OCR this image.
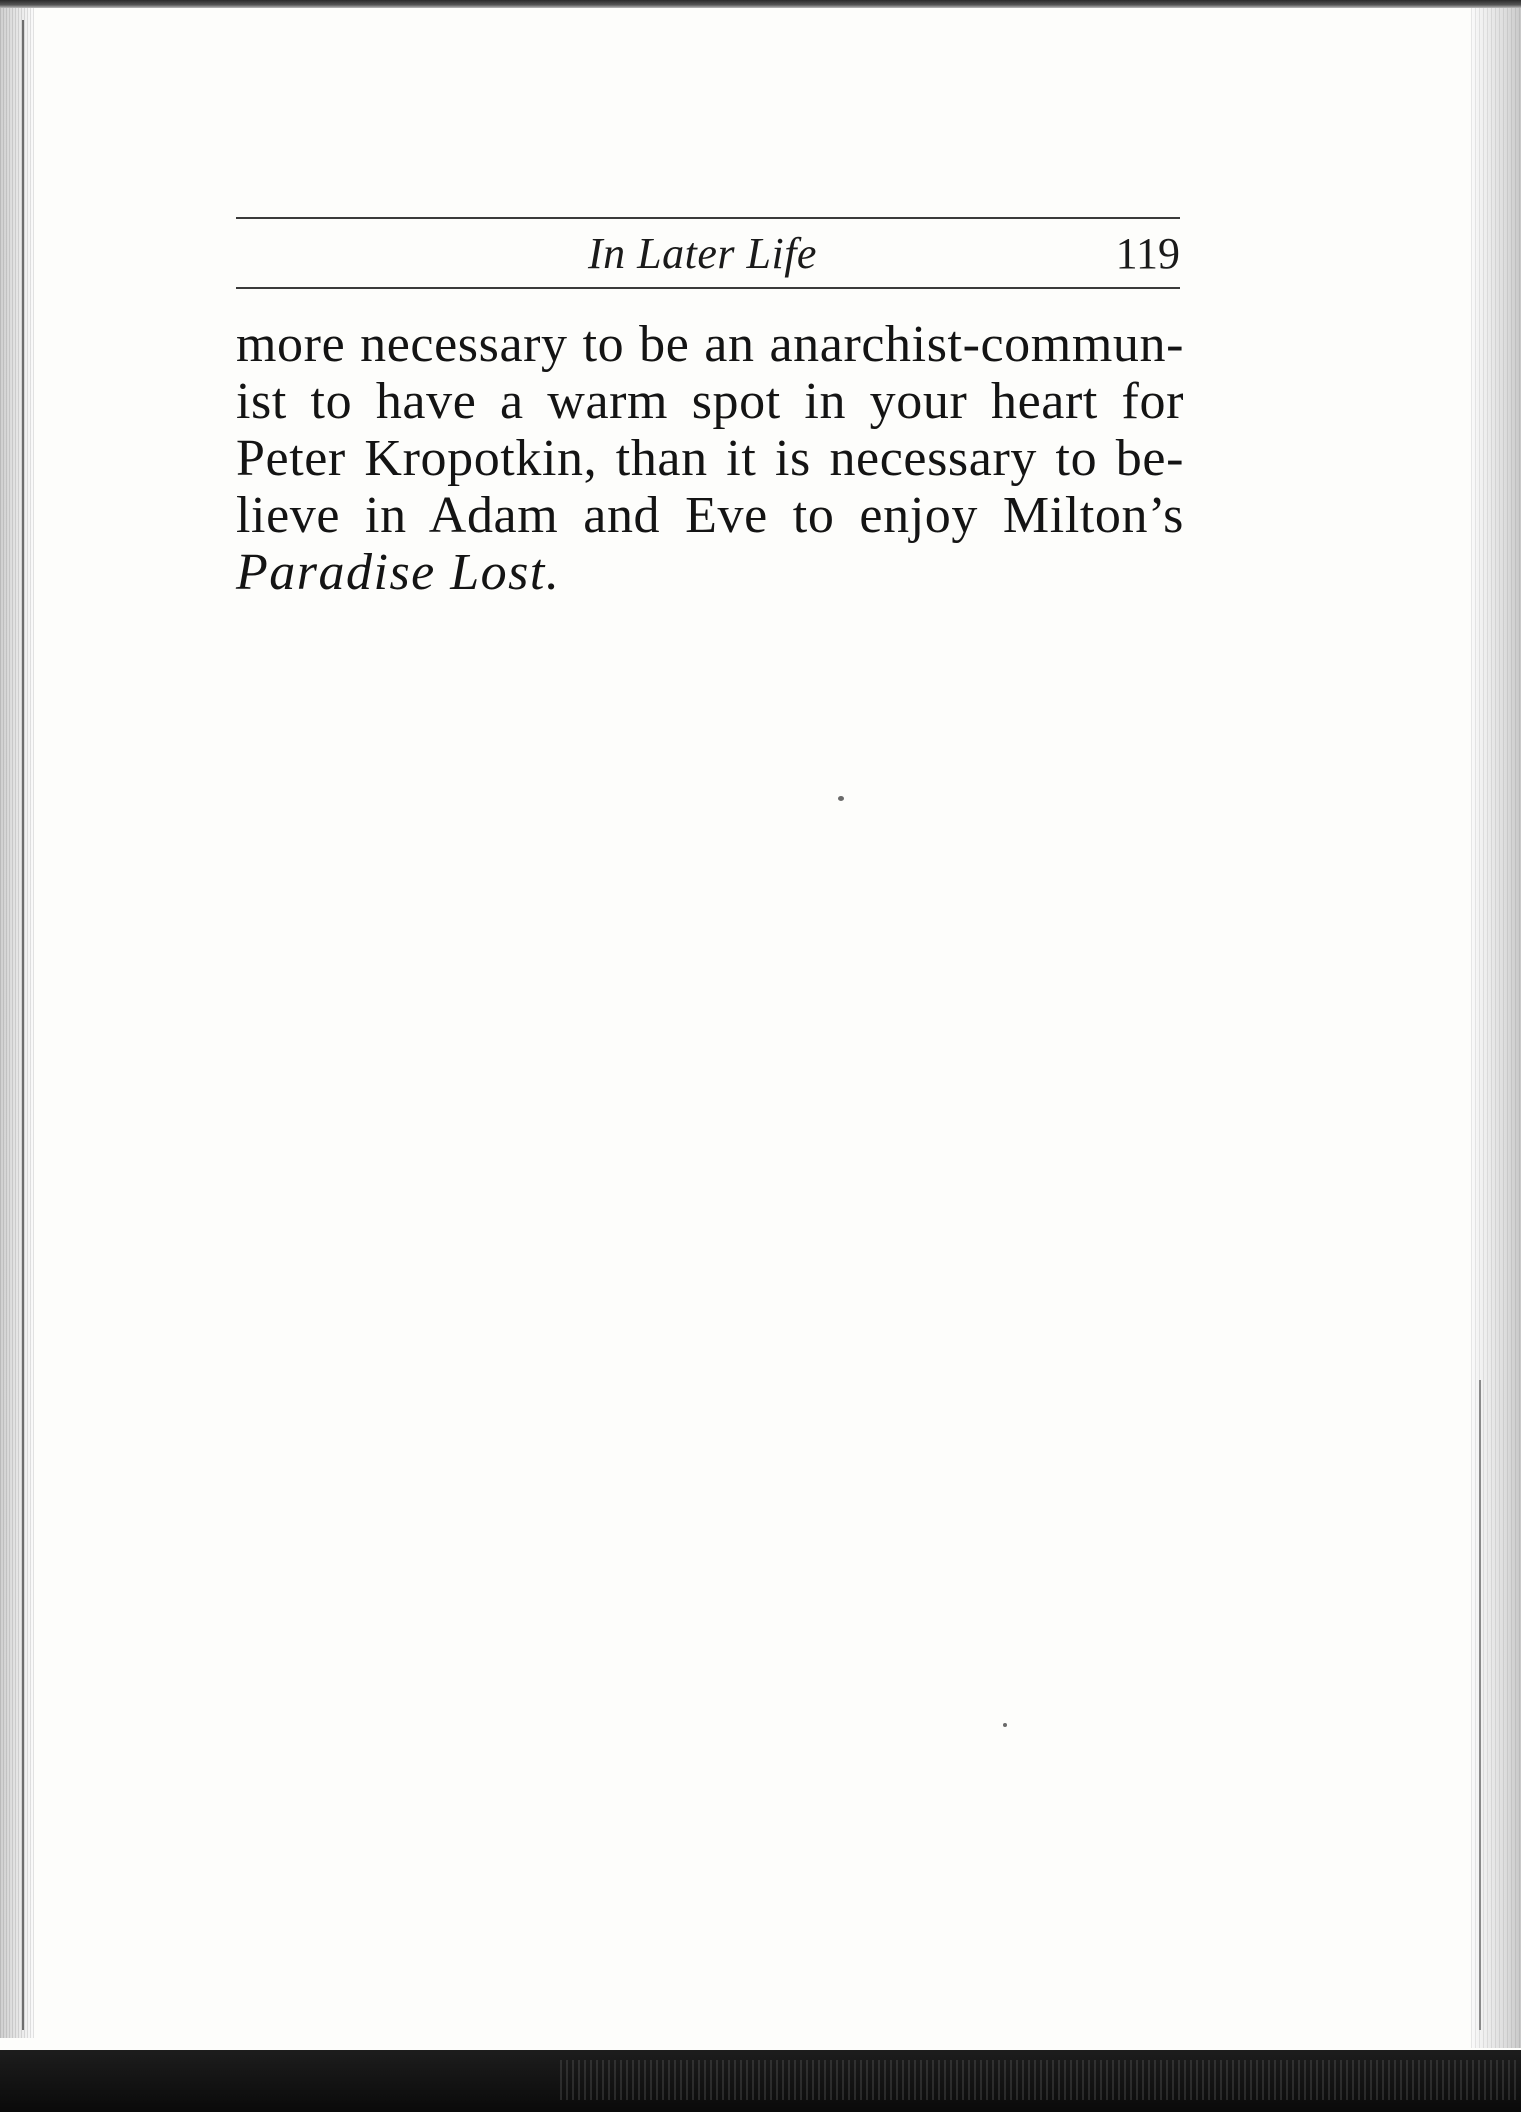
In Later Life	119
more necessary to be an anarchist-commun-
ist to have a warm spot in your heart for
Peter Kropotkin, than it is necessary to be-
lieve in Adam and Eve to enjoy Milton’s
Paradise Lost.
